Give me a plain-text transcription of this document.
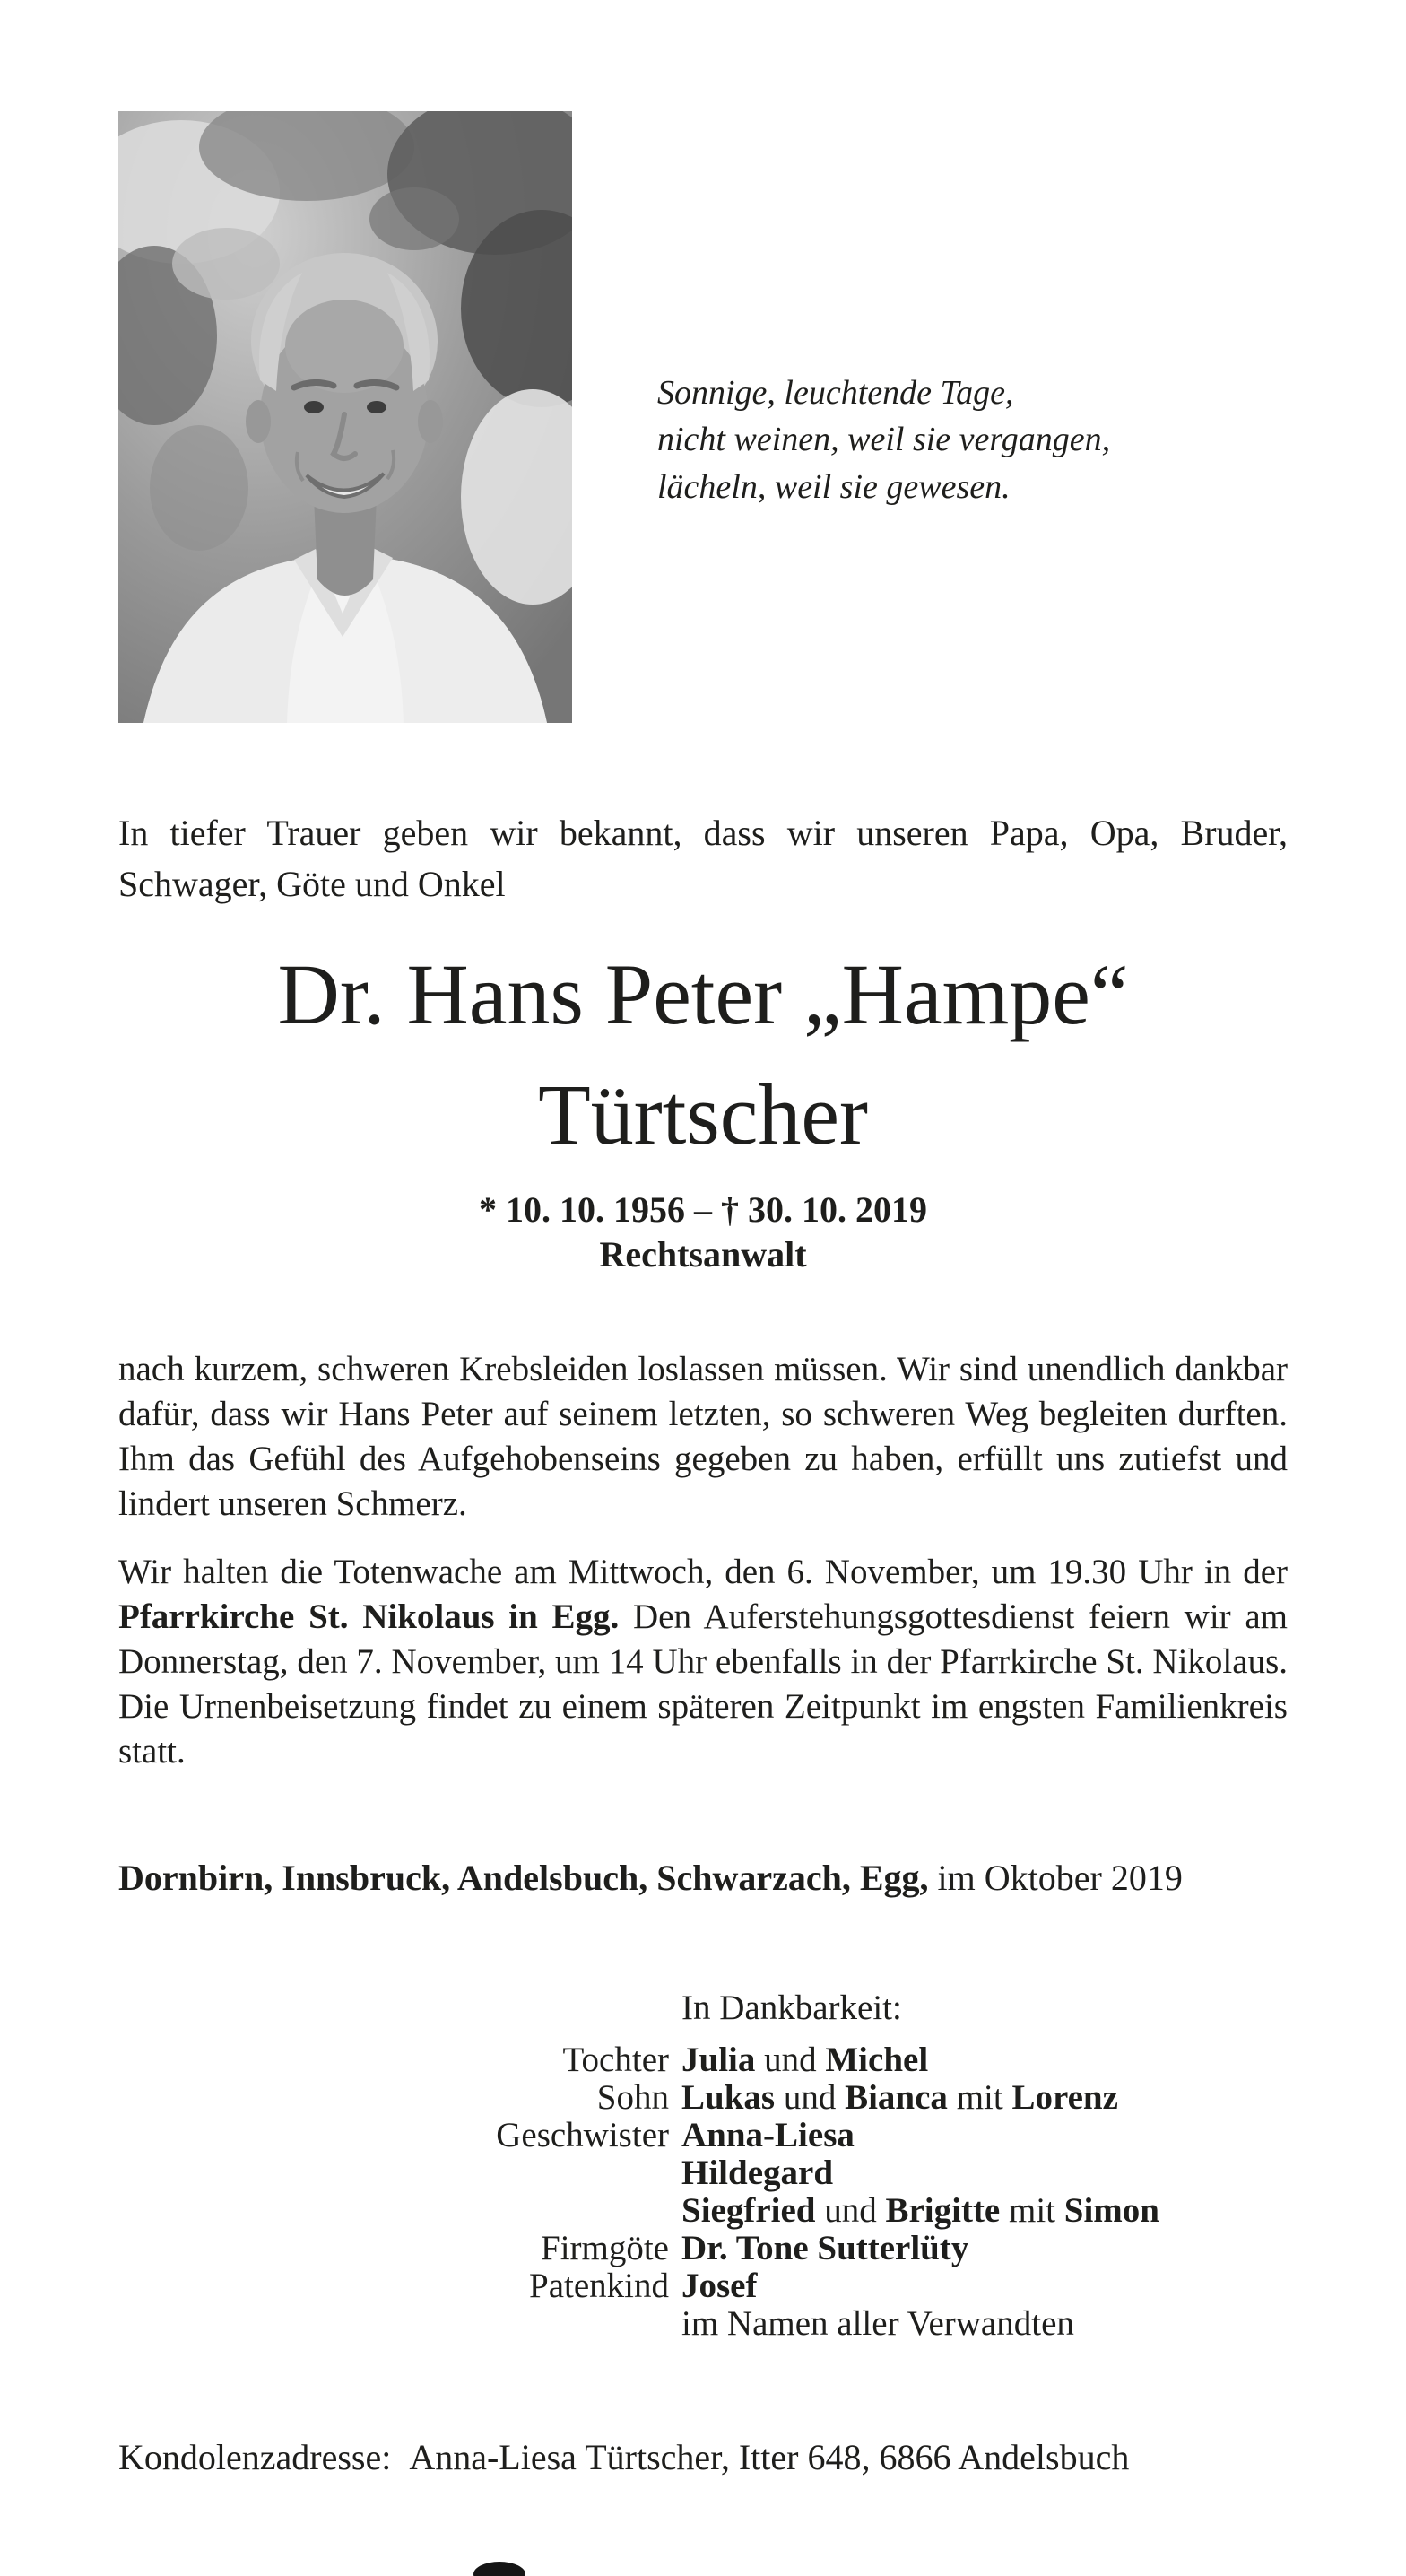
Sonnige, leuchtende Tage,
nicht weinen, weil sie vergangen,
lächeln, weil sie gewesen.

In tiefer Trauer geben wir bekannt, dass wir unseren Papa, Opa, Bruder, Schwager, Göte und Onkel

Dr. Hans Peter „Hampe“
Türtscher
* 10. 10. 1956 – † 30. 10. 2019
Rechtsanwalt

nach kurzem, schweren Krebsleiden loslassen müssen. Wir sind unendlich dankbar dafür, dass wir Hans Peter auf seinem letzten, so schweren Weg begleiten durften. Ihm das Gefühl des Aufgehobenseins gegeben zu haben, erfüllt uns zutiefst und lindert unseren Schmerz.

Wir halten die Totenwache am Mittwoch, den 6. November, um 19.30 Uhr in der Pfarrkirche St. Nikolaus in Egg. Den Auferstehungsgottesdienst feiern wir am Donnerstag, den 7. November, um 14 Uhr ebenfalls in der Pfarrkirche St. Nikolaus. Die Urnenbeisetzung findet zu einem späteren Zeitpunkt im engsten Familienkreis statt.

Dornbirn, Innsbruck, Andelsbuch, Schwarzach, Egg, im Oktober 2019

In Dankbarkeit:
Tochter Julia und Michel
Sohn Lukas und Bianca mit Lorenz
Geschwister Anna-Liesa
Hildegard
Siegfried und Brigitte mit Simon
Firmgöte Dr. Tone Sutterlüty
Patenkind Josef
im Namen aller Verwandten

Kondolenzadresse: Anna-Liesa Türtscher, Itter 648, 6866 Andelsbuch
